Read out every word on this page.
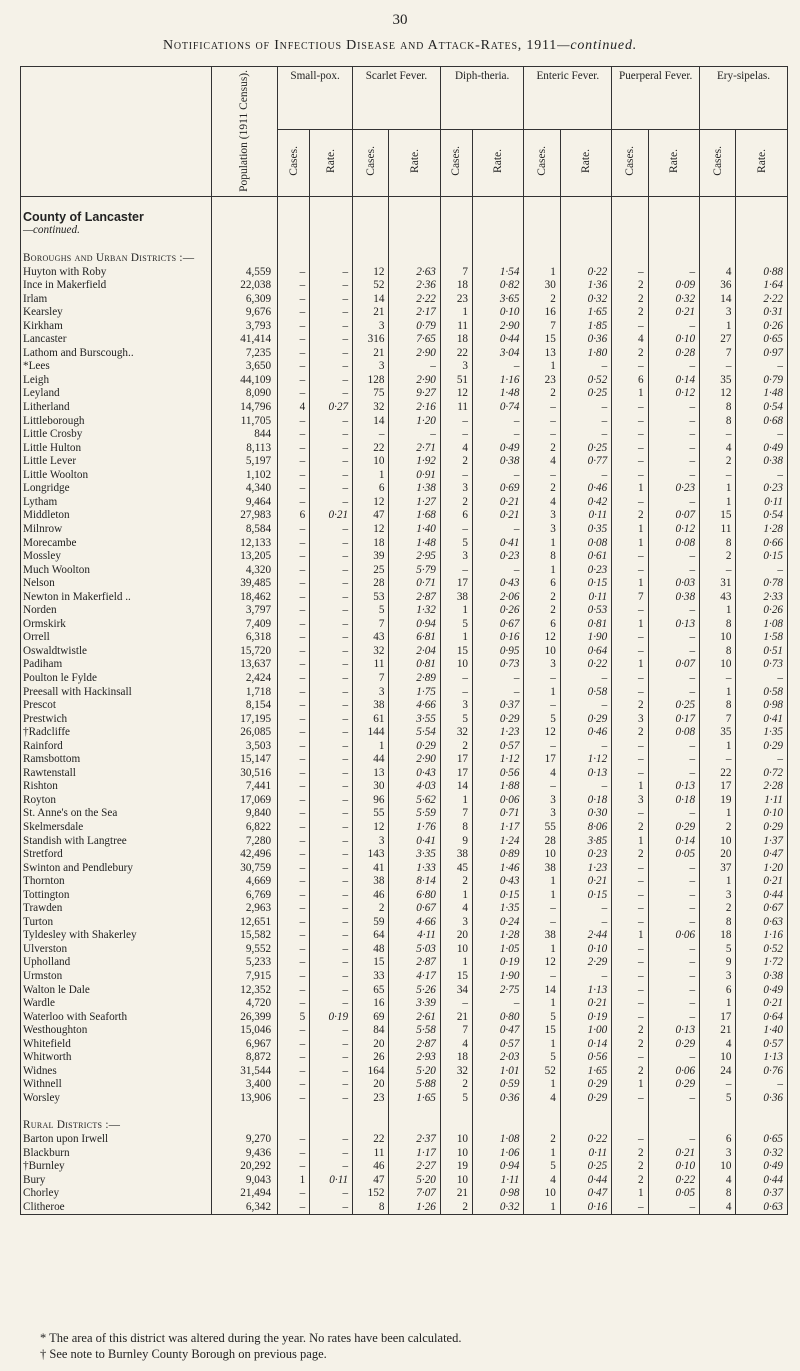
30
Notifications of Infectious Disease and Attack-Rates, 1911—continued.
	Population (1911 Census).	Small-pox.		Scarlet Fever.		Diph-theria.		Enteric Fever.		Puerperal Fever.		Ery-sipelas.	
		Cases.	Rate.	Cases.	Rate.	Cases.	Rate.	Cases.	Rate.	Cases.	Rate.	Cases.	Rate.

County of Lancaster													
—continued.													

Boroughs and Urban Districts :—													
Huyton with Roby	4,559	–	–	12	2·63	7	1·54	1	0·22	–	–	4	0·88
Ince in Makerfield	22,038	–	–	52	2·36	18	0·82	30	1·36	2	0·09	36	1·64
Irlam	6,309	–	–	14	2·22	23	3·65	2	0·32	2	0·32	14	2·22
Kearsley	9,676	–	–	21	2·17	1	0·10	16	1·65	2	0·21	3	0·31
Kirkham	3,793	–	–	3	0·79	11	2·90	7	1·85	–	–	1	0·26
Lancaster	41,414	–	–	316	7·65	18	0·44	15	0·36	4	0·10	27	0·65
Lathom and Burscough..	7,235	–	–	21	2·90	22	3·04	13	1·80	2	0·28	7	0·97
*Lees	3,650	–	–	3	–	3	–	1	–	–	–	–	–
Leigh	44,109	–	–	128	2·90	51	1·16	23	0·52	6	0·14	35	0·79
Leyland	8,090	–	–	75	9·27	12	1·48	2	0·25	1	0·12	12	1·48
Litherland	14,796	4	0·27	32	2·16	11	0·74	–	–	–	–	8	0·54
Littleborough	11,705	–	–	14	1·20	–	–	–	–	–	–	8	0·68
Little Crosby	844	–	–	–	–	–	–	–	–	–	–	–	–
Little Hulton	8,113	–	–	22	2·71	4	0·49	2	0·25	–	–	4	0·49
Little Lever	5,197	–	–	10	1·92	2	0·38	4	0·77	–	–	2	0·38
Little Woolton	1,102	–	–	1	0·91	–	–	–	–	–	–	–	–
Longridge	4,340	–	–	6	1·38	3	0·69	2	0·46	1	0·23	1	0·23
Lytham	9,464	–	–	12	1·27	2	0·21	4	0·42	–	–	1	0·11
Middleton	27,983	6	0·21	47	1·68	6	0·21	3	0·11	2	0·07	15	0·54
Milnrow	8,584	–	–	12	1·40	–	–	3	0·35	1	0·12	11	1·28
Morecambe	12,133	–	–	18	1·48	5	0·41	1	0·08	1	0·08	8	0·66
Mossley	13,205	–	–	39	2·95	3	0·23	8	0·61	–	–	2	0·15
Much Woolton	4,320	–	–	25	5·79	–	–	1	0·23	–	–	–	–
Nelson	39,485	–	–	28	0·71	17	0·43	6	0·15	1	0·03	31	0·78
Newton in Makerfield ..	18,462	–	–	53	2·87	38	2·06	2	0·11	7	0·38	43	2·33
Norden	3,797	–	–	5	1·32	1	0·26	2	0·53	–	–	1	0·26
Ormskirk	7,409	–	–	7	0·94	5	0·67	6	0·81	1	0·13	8	1·08
Orrell	6,318	–	–	43	6·81	1	0·16	12	1·90	–	–	10	1·58
Oswaldtwistle	15,720	–	–	32	2·04	15	0·95	10	0·64	–	–	8	0·51
Padiham	13,637	–	–	11	0·81	10	0·73	3	0·22	1	0·07	10	0·73
Poulton le Fylde	2,424	–	–	7	2·89	–	–	–	–	–	–	–	–
Preesall with Hackinsall	1,718	–	–	3	1·75	–	–	1	0·58	–	–	1	0·58
Prescot	8,154	–	–	38	4·66	3	0·37	–	–	2	0·25	8	0·98
Prestwich	17,195	–	–	61	3·55	5	0·29	5	0·29	3	0·17	7	0·41
†Radcliffe	26,085	–	–	144	5·54	32	1·23	12	0·46	2	0·08	35	1·35
Rainford	3,503	–	–	1	0·29	2	0·57	–	–	–	–	1	0·29
Ramsbottom	15,147	–	–	44	2·90	17	1·12	17	1·12	–	–	–	–
Rawtenstall	30,516	–	–	13	0·43	17	0·56	4	0·13	–	–	22	0·72
Rishton	7,441	–	–	30	4·03	14	1·88	–	–	1	0·13	17	2·28
Royton	17,069	–	–	96	5·62	1	0·06	3	0·18	3	0·18	19	1·11
St. Anne's on the Sea	9,840	–	–	55	5·59	7	0·71	3	0·30	–	–	1	0·10
Skelmersdale	6,822	–	–	12	1·76	8	1·17	55	8·06	2	0·29	2	0·29
Standish with Langtree	7,280	–	–	3	0·41	9	1·24	28	3·85	1	0·14	10	1·37
Stretford	42,496	–	–	143	3·35	38	0·89	10	0·23	2	0·05	20	0·47
Swinton and Pendlebury	30,759	–	–	41	1·33	45	1·46	38	1·23	–	–	37	1·20
Thornton	4,669	–	–	38	8·14	2	0·43	1	0·21	–	–	1	0·21
Tottington	6,769	–	–	46	6·80	1	0·15	1	0·15	–	–	3	0·44
Trawden	2,963	–	–	2	0·67	4	1·35	–	–	–	–	2	0·67
Turton	12,651	–	–	59	4·66	3	0·24	–	–	–	–	8	0·63
Tyldesley with Shakerley	15,582	–	–	64	4·11	20	1·28	38	2·44	1	0·06	18	1·16
Ulverston	9,552	–	–	48	5·03	10	1·05	1	0·10	–	–	5	0·52
Upholland	5,233	–	–	15	2·87	1	0·19	12	2·29	–	–	9	1·72
Urmston	7,915	–	–	33	4·17	15	1·90	–	–	–	–	3	0·38
Walton le Dale	12,352	–	–	65	5·26	34	2·75	14	1·13	–	–	6	0·49
Wardle	4,720	–	–	16	3·39	–	–	1	0·21	–	–	1	0·21
Waterloo with Seaforth	26,399	5	0·19	69	2·61	21	0·80	5	0·19	–	–	17	0·64
Westhoughton	15,046	–	–	84	5·58	7	0·47	15	1·00	2	0·13	21	1·40
Whitefield	6,967	–	–	20	2·87	4	0·57	1	0·14	2	0·29	4	0·57
Whitworth	8,872	–	–	26	2·93	18	2·03	5	0·56	–	–	10	1·13
Widnes	31,544	–	–	164	5·20	32	1·01	52	1·65	2	0·06	24	0·76
Withnell	3,400	–	–	20	5·88	2	0·59	1	0·29	1	0·29	–	–
Worsley	13,906	–	–	23	1·65	5	0·36	4	0·29	–	–	5	0·36

Rural Districts :—													
Barton upon Irwell	9,270	–	–	22	2·37	10	1·08	2	0·22	–	–	6	0·65
Blackburn	9,436	–	–	11	1·17	10	1·06	1	0·11	2	0·21	3	0·32
†Burnley	20,292	–	–	46	2·27	19	0·94	5	0·25	2	0·10	10	0·49
Bury	9,043	1	0·11	47	5·20	10	1·11	4	0·44	2	0·22	4	0·44
Chorley	21,494	–	–	152	7·07	21	0·98	10	0·47	1	0·05	8	0·37
Clitheroe	6,342	–	–	8	1·26	2	0·32	1	0·16	–	–	4	0·63
* The area of this district was altered during the year. No rates have been calculated.
† See note to Burnley County Borough on previous page.
